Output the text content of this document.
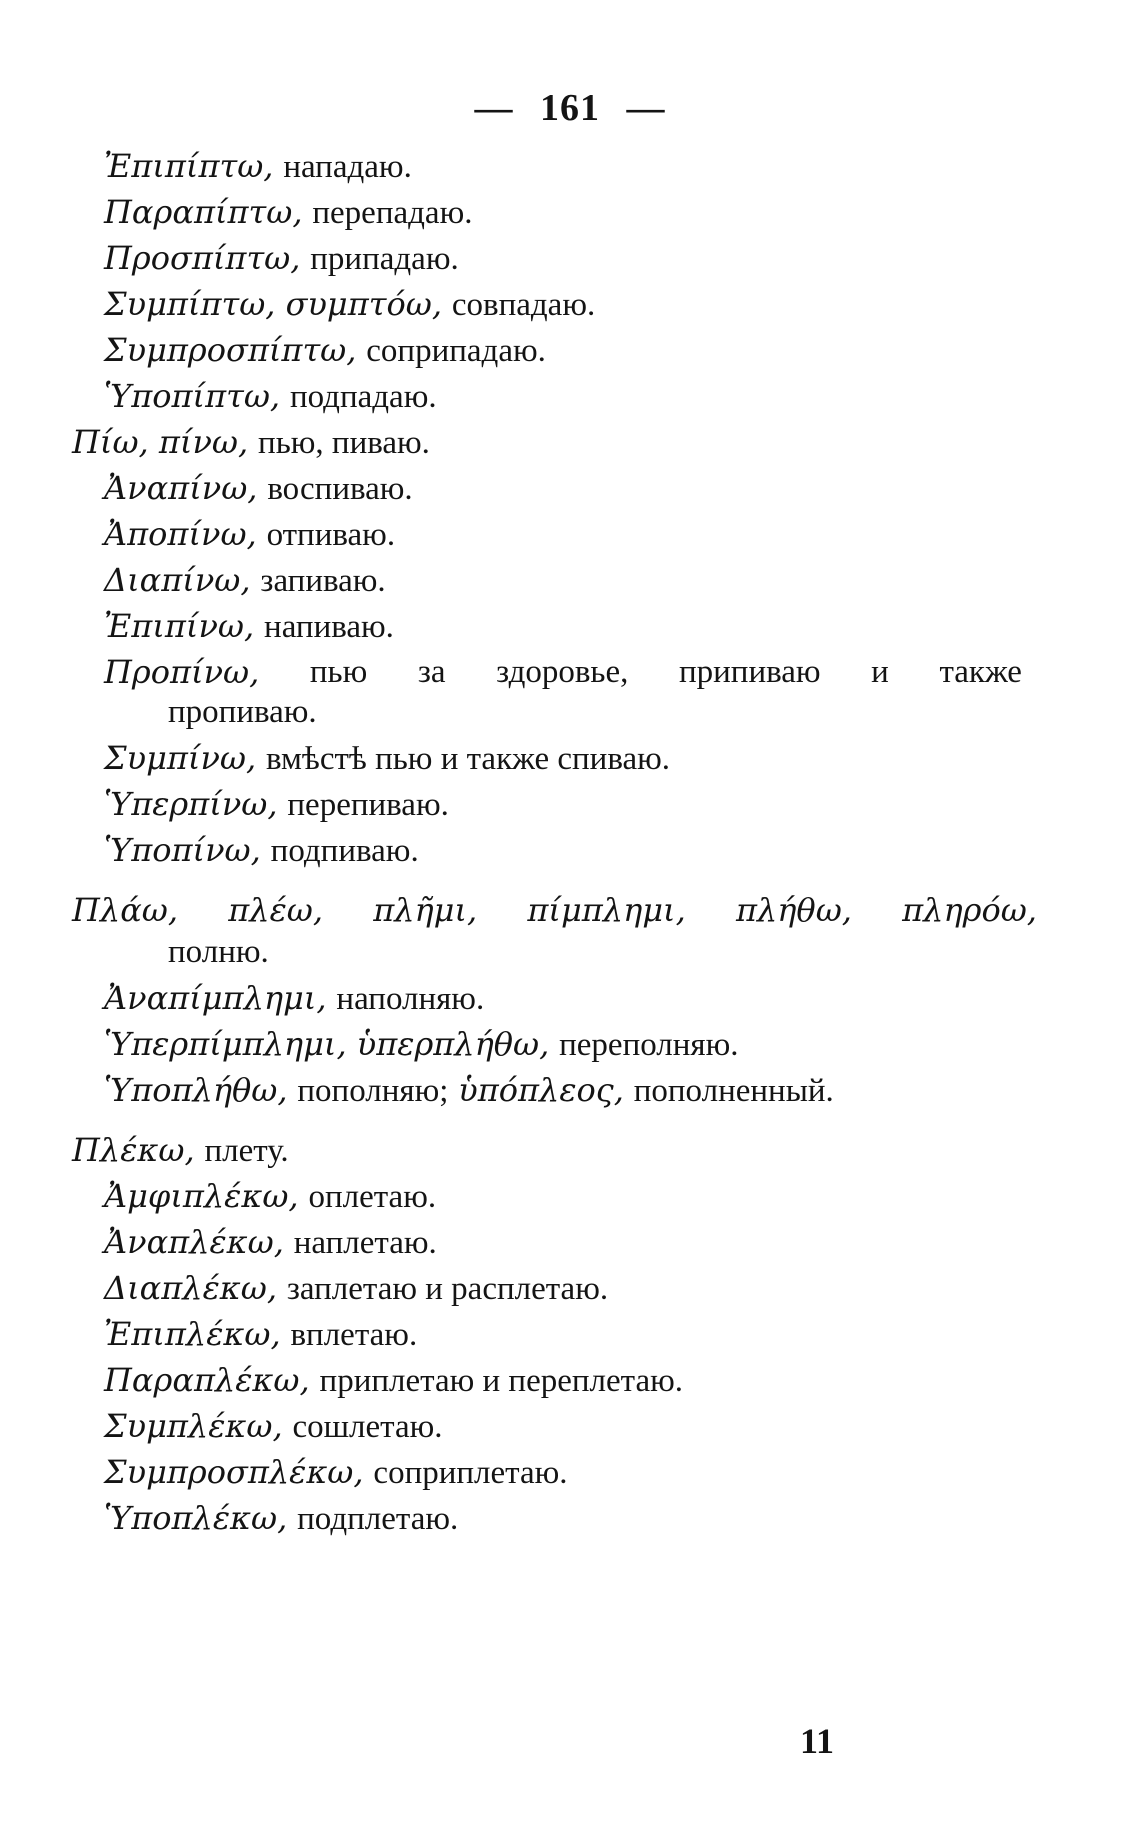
— 161 —
Ἐπιπίπτω, нападаю.
Παραπίπτω, перепадаю.
Προσπίπτω, припадаю.
Συμπίπτω, συμπτόω, совпадаю.
Συμπροσπίπτω, соприпадаю.
Ὑποπίπτω, подпадаю.
Πίω, πίνω, пью, пиваю.
Ἀναπίνω, воспиваю.
Ἀποπίνω, отпиваю.
Διαπίνω, запиваю.
Ἐπιπίνω, напиваю.
Προπίνω, пью за здоровье, припиваю и также
пропиваю.
Συμπίνω, вмѣстѣ пью и также спиваю.
Ὑπερπίνω, перепиваю.
Ὑποπίνω, подпиваю.
Πλάω, πλέω, πλῆμι, πίμπλημι, πλήθω, πληρόω,
полню.
Ἀναπίμπλημι, наполняю.
Ὑπερπίμπλημι, ὑπερπλήθω, переполняю.
Ὑποπλήθω, пополняю; ὑπόπλεος, пополненный.
Πλέκω, плету.
Ἀμφιπλέκω, оплетаю.
Ἀναπλέκω, наплетаю.
Διαπλέκω, заплетаю и расплетаю.
Ἐπιπλέκω, вплетаю.
Παραπλέκω, приплетаю и переплетаю.
Συμπλέκω, сошлетаю.
Συμπροσπλέκω, соприплетаю.
Ὑποπλέκω, подплетаю.
11
